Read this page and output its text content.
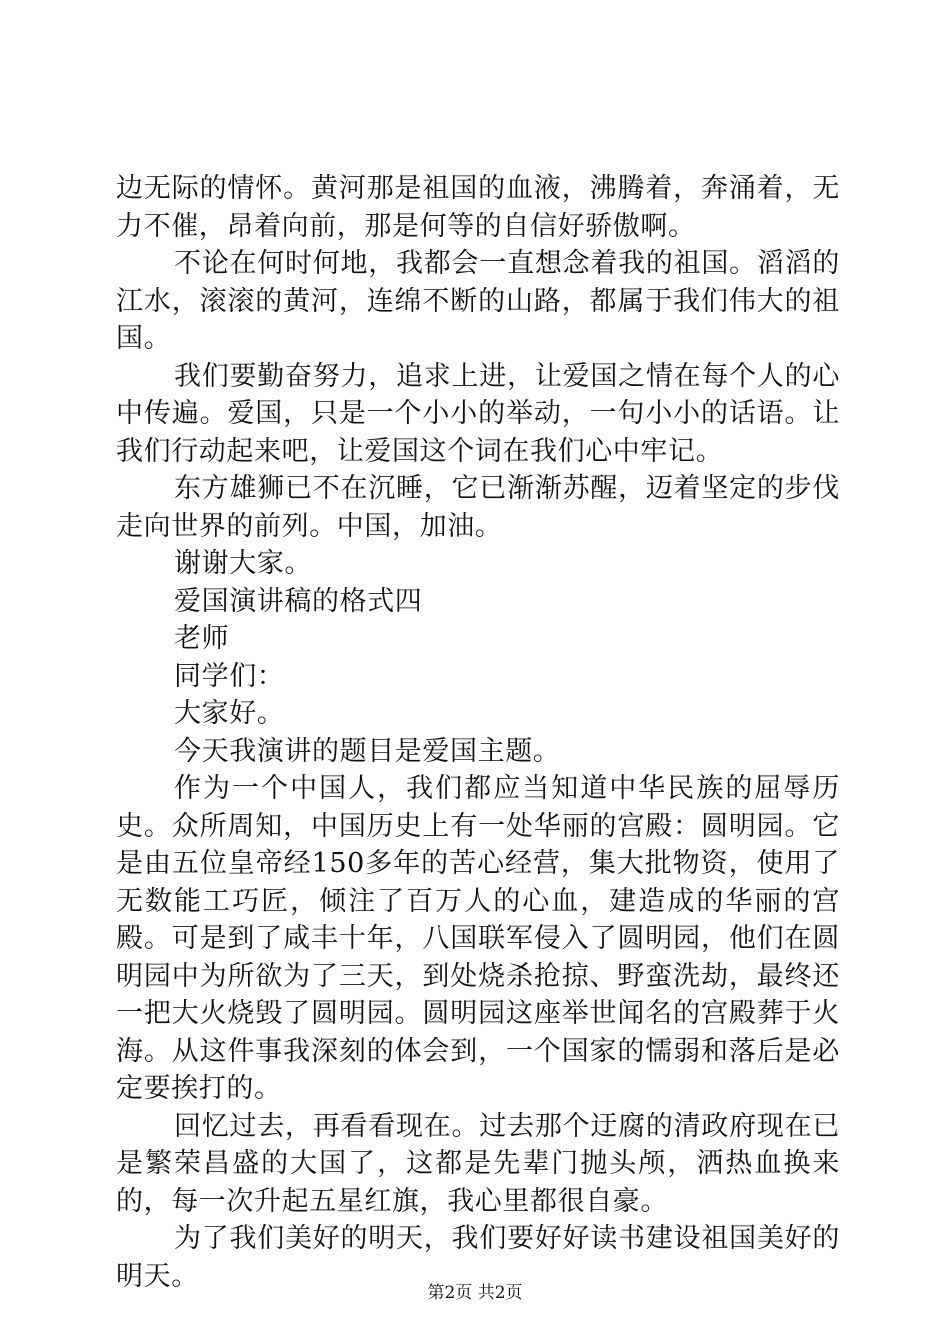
边无际的情怀。黄河那是祖国的血液，沸腾着，奔涌着，无力不催，昂着向前，那是何等的自信好骄傲啊。

不论在何时何地，我都会一直想念着我的祖国。滔滔的江水，滚滚的黄河，连绵不断的山路，都属于我们伟大的祖国。

我们要勤奋努力，追求上进，让爱国之情在每个人的心中传遍。爱国，只是一个小小的举动，一句小小的话语。让我们行动起来吧，让爱国这个词在我们心中牢记。

东方雄狮已不在沉睡，它已渐渐苏醒，迈着坚定的步伐走向世界的前列。中国，加油。

谢谢大家。

爱国演讲稿的格式四

老师

同学们：

大家好。

今天我演讲的题目是爱国主题。

作为一个中国人，我们都应当知道中华民族的屈辱历史。众所周知，中国历史上有一处华丽的宫殿：圆明园。它是由五位皇帝经150多年的苦心经营，集大批物资，使用了无数能工巧匠，倾注了百万人的心血，建造成的华丽的宫殿。可是到了咸丰十年，八国联军侵入了圆明园，他们在圆明园中为所欲为了三天，到处烧杀抢掠、野蛮洗劫，最终还一把大火烧毁了圆明园。圆明园这座举世闻名的宫殿葬于火海。从这件事我深刻的体会到，一个国家的懦弱和落后是必定要挨打的。

回忆过去，再看看现在。过去那个迂腐的清政府现在已是繁荣昌盛的大国了，这都是先辈门抛头颅，洒热血换来的，每一次升起五星红旗，我心里都很自豪。

为了我们美好的明天，我们要好好读书建设祖国美好的明天。

第2页 共2页
